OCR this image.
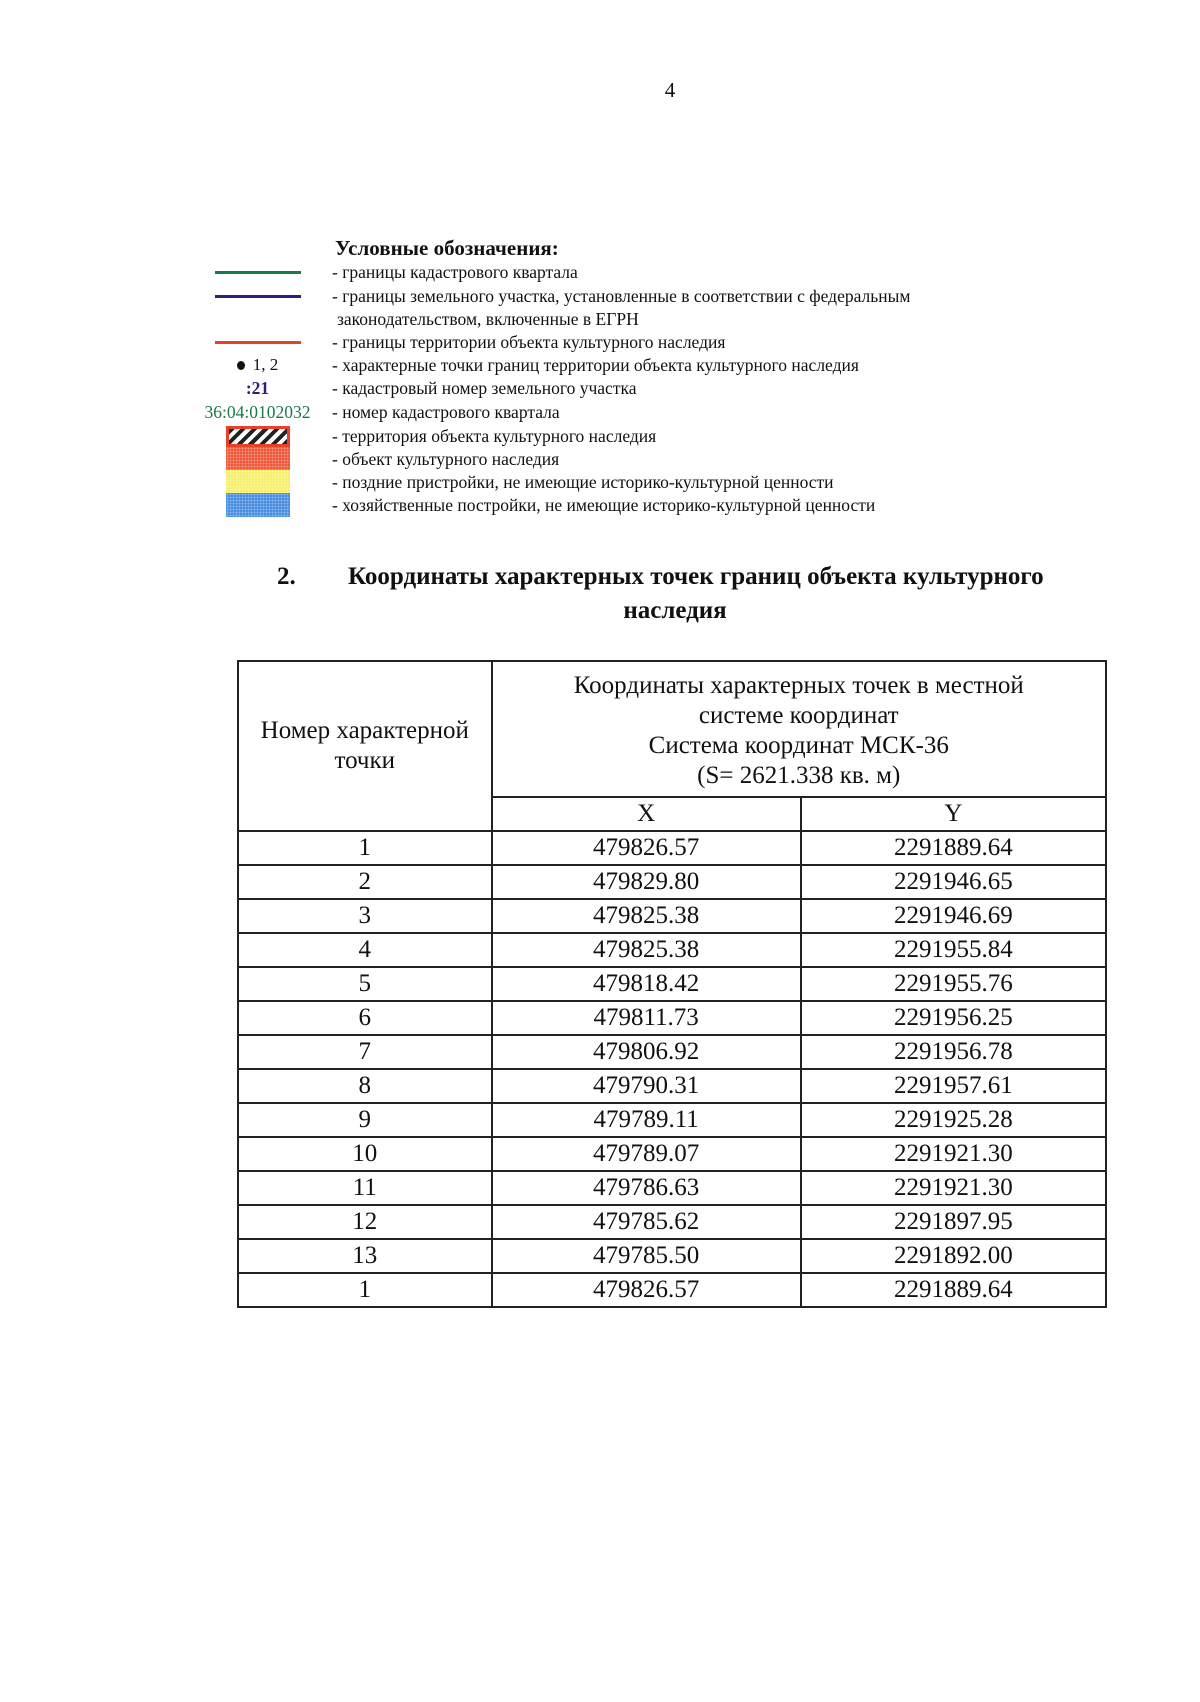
4
Условные обозначения:
- границы кадастрового квартала
- границы земельного участка, установленные в соответствии с федеральным
законодательством, включенные в ЕГРН
- границы территории объекта культурного наследия
1, 2	- характерные точки границ территории объекта культурного наследия
:21	- кадастровый номер земельного участка
36:04:0102032 - номер кадастрового квартала
- территория объекта культурного наследия
- объект культурного наследия
- поздние пристройки, не имеющие историко-культурной ценности
- хозяйственные постройки, не имеющие историко-культурной ценности
2. Координаты характерных точек границ объекта культурного
наследия
Номер характерной точки	Координаты характерных точек в местной
системе координат
Система координат МСК-36
(S= 2621.338 кв. м)	

	X	Y
1	479826.57	2291889.64
2	479829.80	2291946.65
3	479825.38	2291946.69
4	479825.38	2291955.84
5	479818.42	2291955.76
6	479811.73	2291956.25
7	479806.92	2291956.78
8	479790.31	2291957.61
9	479789.11	2291925.28
10	479789.07	2291921.30
11	479786.63	2291921.30
12	479785.62	2291897.95
13	479785.50	2291892.00
1	479826.57	2291889.64
